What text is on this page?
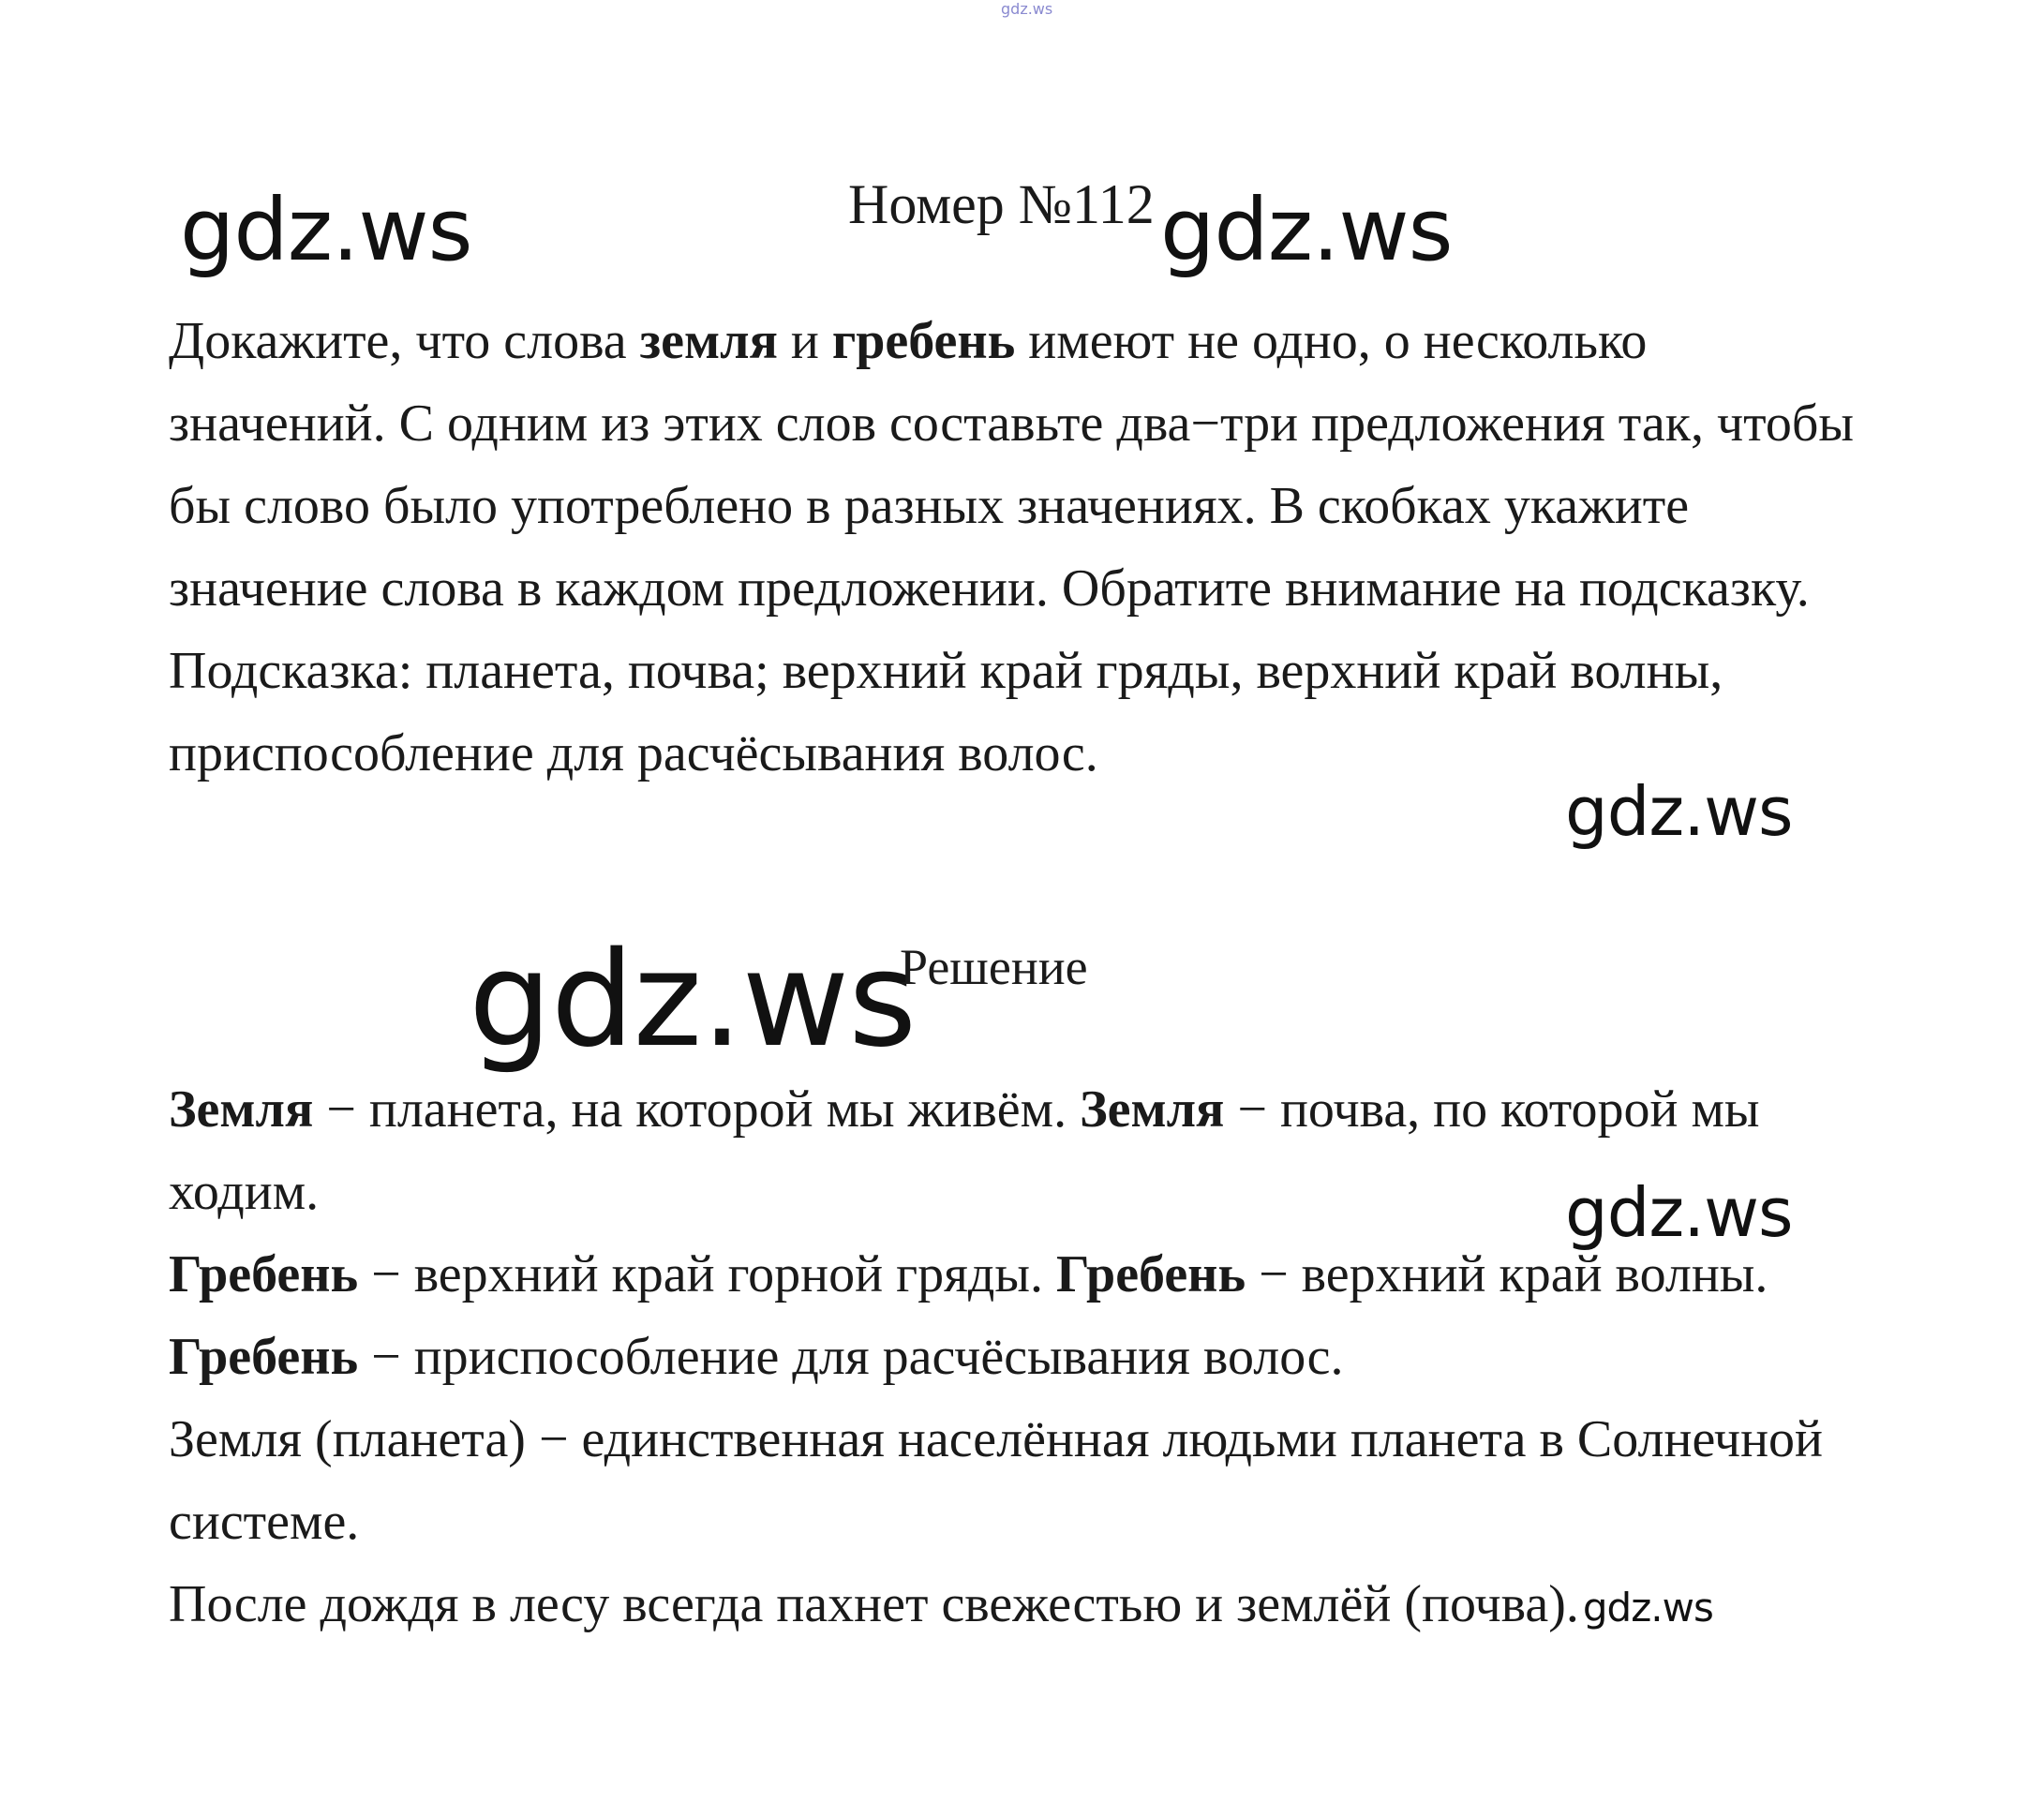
gdz.ws
gdz.ws	gdz.ws
Номер №112

Докажите, что слова земля и гребень имеют не одно, о несколько значений. С одним из этих слов составьте два−три предложения так, чтобы бы слово было употреблено в разных значениях. В скобках укажите значение слова в каждом предложении. Обратите внимание на подсказку.

Подсказка: планета, почва; верхний край гряды, верхний край волны, приспособление для расчёсывания волос.

gdz.ws
gdz.ws
Решение
gdz.ws

Земля − планета, на которой мы живём. Земля − почва, по которой мы ходим.

Гребень − верхний край горной гряды. Гребень − верхний край волны. Гребень − приспособление для расчёсывания волос.

Земля (планета) − единственная населённая людьми планета в Солнечной системе.

После дождя в лесу всегда пахнет свежестью и землёй (почва).gdz.ws
